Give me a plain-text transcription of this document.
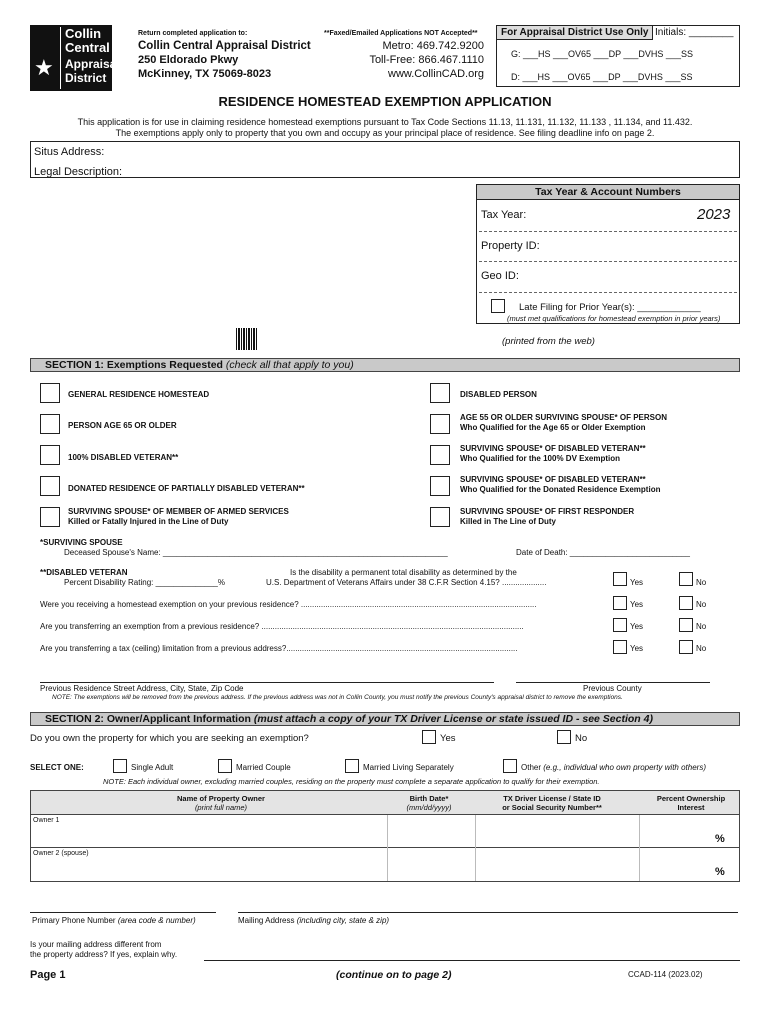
★
Collin
Central
Appraisal
District
Return completed application to:
Collin Central Appraisal District
250 Eldorado Pkwy
McKinney, TX 75069-8023
**Faxed/Emailed Applications NOT Accepted**
Metro: 469.742.9200
Toll-Free: 866.467.1110
www.CollinCAD.org
For Appraisal District Use Only Initials: ________
G: ___HS ___OV65 ___DP ___DVHS ___SS
D: ___HS ___OV65 ___DP ___DVHS ___SS
RESIDENCE HOMESTEAD EXEMPTION APPLICATION
This application is for use in claiming residence homestead exemptions pursuant to Tax Code Sections 11.13, 11.131, 11.132, 11.133 , 11.134, and 11.432.
The exemptions apply only to property that you own and occupy as your principal place of residence. See filing deadline info on page 2.
Situs Address:
Legal Description:
Tax Year & Account Numbers
Tax Year:	2023
Property ID:
Geo ID:
Late Filing for Prior Year(s): ____________
(must met qualifications for homestead exemption in prior years)
(printed from the web)
SECTION 1: Exemptions Requested (check all that apply to you)
GENERAL RESIDENCE HOMESTEAD
PERSON AGE 65 OR OLDER
100% DISABLED VETERAN**
DONATED RESIDENCE OF PARTIALLY DISABLED VETERAN**
SURVIVING SPOUSE* OF MEMBER OF ARMED SERVICES
Killed or Fatally Injured in the Line of Duty
DISABLED PERSON
AGE 55 OR OLDER SURVIVING SPOUSE* OF PERSON
Who Qualified for the Age 65 or Older Exemption
SURVIVING SPOUSE* OF DISABLED VETERAN**
Who Qualified for the 100% DV Exemption
SURVIVING SPOUSE* OF DISABLED VETERAN**
Who Qualified for the Donated Residence Exemption
SURVIVING SPOUSE* OF FIRST RESPONDER
Killed in The Line of Duty
*SURVIVING SPOUSE
Deceased Spouse's Name: ________________________________________________________________	Date of Death: ___________________________
**DISABLED VETERAN
Percent Disability Rating: ______________%
Is the disability a permanent total disability as determined by the
U.S. Department of Veterans Affairs under 38 C.F.R Section 4.15? ....................	Yes	No
Were you receiving a homestead exemption on your previous residence? ..........................................................................................................	Yes	No
Are you transferring an exemption from a previous residence? ......................................................................................................................	Yes	No
Are you transferring a tax (ceiling) limitation from a previous address?........................................................................................................	Yes	No
Previous Residence Street Address, City, State, Zip Code	Previous County
NOTE: The exemptions will be removed from the previous address. If the previous address was not in Collin County, you must notify the previous County's appraisal district to remove the exemptions.
SECTION 2: Owner/Applicant Information (must attach a copy of your TX Driver License or state issued ID - see Section 4)
Do you own the property for which you are seeking an exemption?	Yes	No
SELECT ONE:	Single Adult	Married Couple	Married Living Separately	Other (e.g., individual who own property with others)
NOTE: Each individual owner, excluding married couples, residing on the property must complete a separate application to qualify for their exemption.
Name of Property Owner
(print full name)
Birth Date*
(mm/dd/yyyy)
TX Driver License / State ID
or Social Security Number**
Percent Ownership
Interest
Owner 1
%
Owner 2 (spouse)
%
Primary Phone Number (area code & number)	Mailing Address (including city, state & zip)
Is your mailing address different from
the property address? If yes, explain why.
Page 1	(continue on to page 2)	CCAD-114 (2023.02)
